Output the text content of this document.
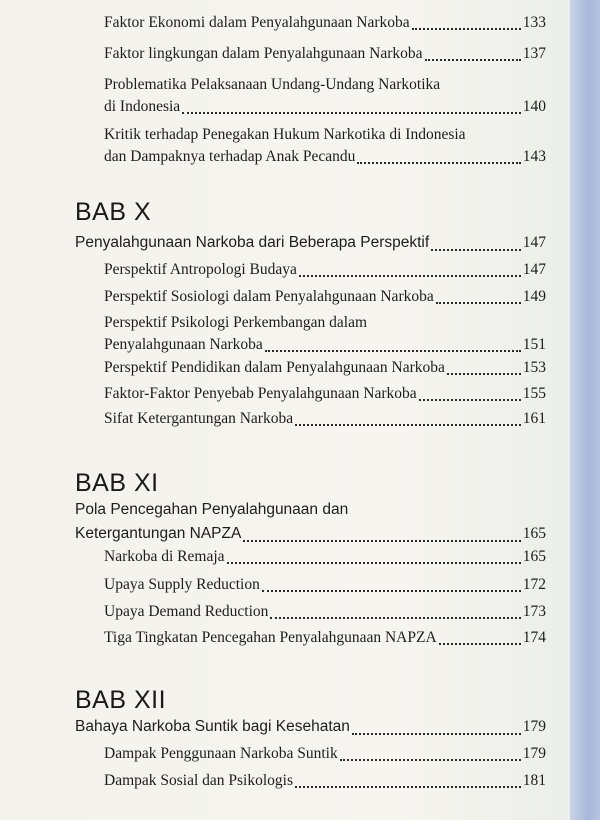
Faktor Ekonomi dalam Penyalahgunaan Narkoba	133
Faktor lingkungan dalam Penyalahgunaan Narkoba	137
Problematika Pelaksanaan Undang-Undang Narkotika
di Indonesia	140
Kritik terhadap Penegakan Hukum Narkotika di Indonesia
dan Dampaknya terhadap Anak Pecandu	143
BAB X
Penyalahgunaan Narkoba dari Beberapa Perspektif	147
Perspektif Antropologi Budaya	147
Perspektif Sosiologi dalam Penyalahgunaan Narkoba	149
Perspektif Psikologi Perkembangan dalam
Penyalahgunaan Narkoba	151
Perspektif Pendidikan dalam Penyalahgunaan Narkoba	153
Faktor-Faktor Penyebab Penyalahgunaan Narkoba	155
Sifat Ketergantungan Narkoba	161
BAB XI
Pola Pencegahan Penyalahgunaan dan
Ketergantungan NAPZA	165
Narkoba di Remaja	165
Upaya Supply Reduction	172
Upaya Demand Reduction	173
Tiga Tingkatan Pencegahan Penyalahgunaan NAPZA	174
BAB XII
Bahaya Narkoba Suntik bagi Kesehatan	179
Dampak Penggunaan Narkoba Suntik	179
Dampak Sosial dan Psikologis	181
